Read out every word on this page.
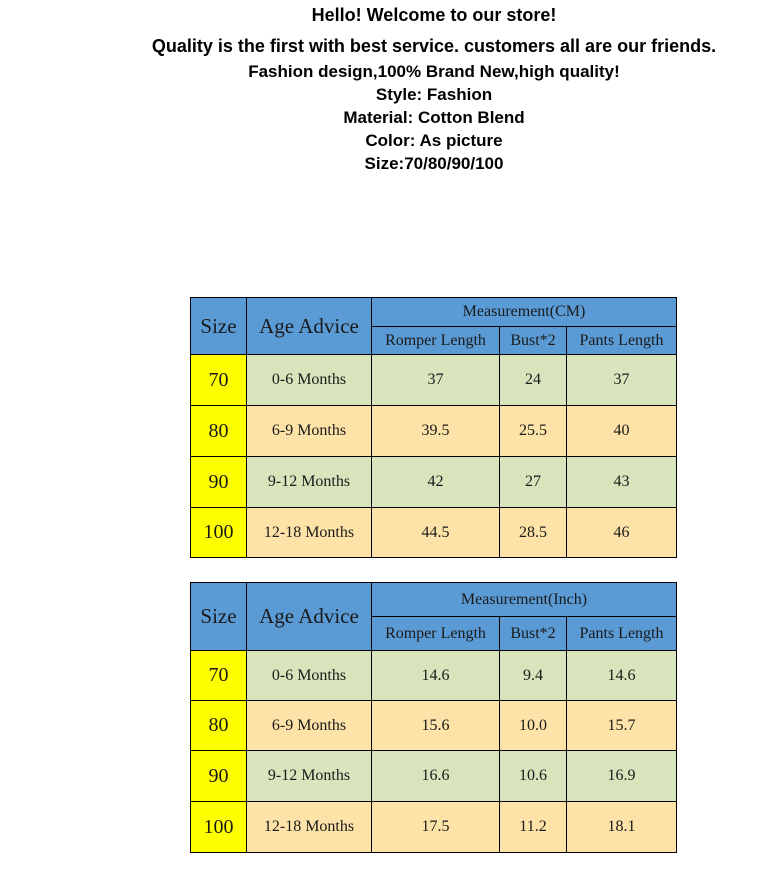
Hello! Welcome to our store!
Quality is the first with best service. customers all are our friends.
Fashion design,100% Brand New,high quality!
Style: Fashion
Material: Cotton Blend
Color: As picture
Size:70/80/90/100
Size	Age Advice	Measurement(CM)		
		Romper Length	Bust*2	Pants Length
70	0-6 Months	37	24	37
80	6-9 Months	39.5	25.5	40
90	9-12 Months	42	27	43
100	12-18 Months	44.5	28.5	46
Size	Age Advice	Measurement(Inch)		
		Romper Length	Bust*2	Pants Length
70	0-6 Months	14.6	9.4	14.6
80	6-9 Months	15.6	10.0	15.7
90	9-12 Months	16.6	10.6	16.9
100	12-18 Months	17.5	11.2	18.1
